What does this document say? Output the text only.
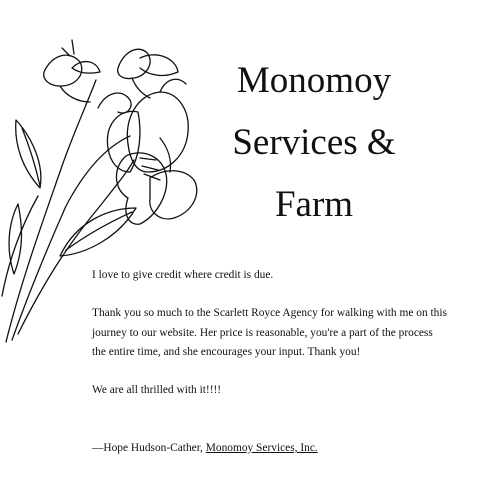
Monomoy
Services &
Farm

I love to give credit where credit is due.

Thank you so much to the Scarlett Royce Agency for walking with me on this journey to our website. Her price is reasonable, you're a part of the process the entire time, and she encourages your input. Thank you!

We are all thrilled with it!!!!

—Hope Hudson-Cather, Monomoy Services, Inc.
